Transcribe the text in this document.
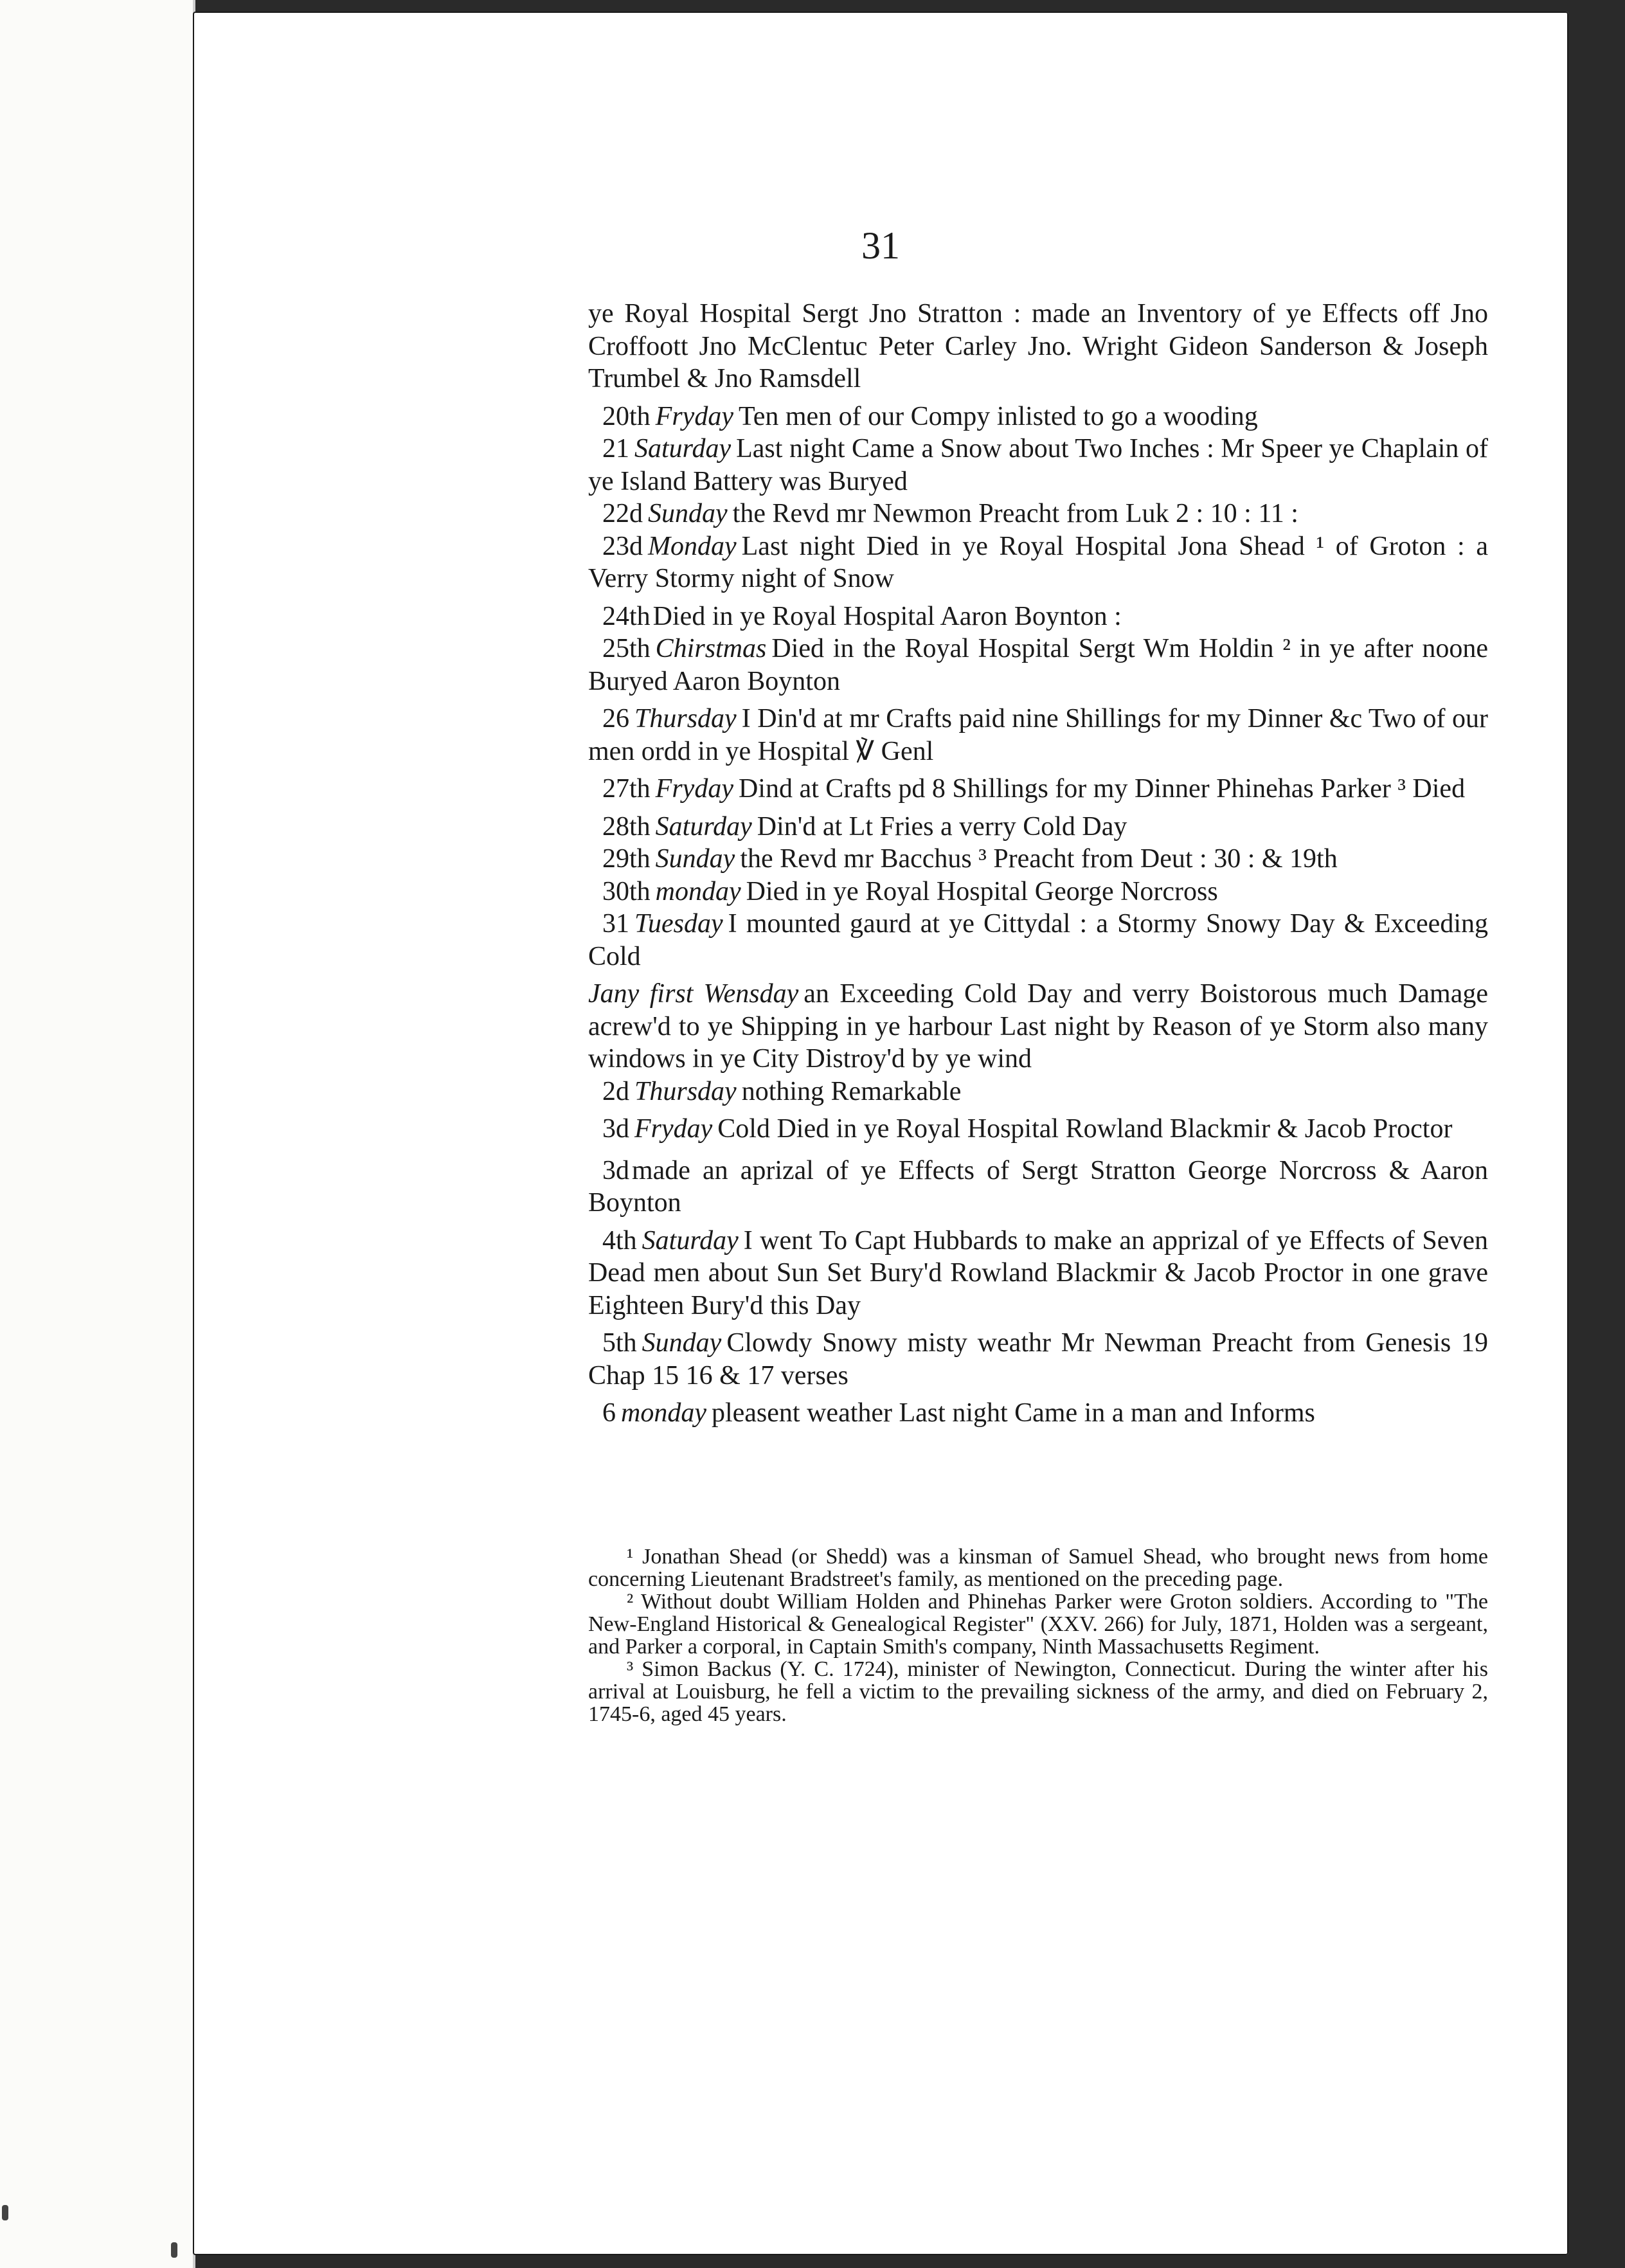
31

ye Royal Hospital Sergt Jno Stratton : made an Inventory of ye Effects off Jno Croffoott Jno McClentuc Peter Carley Jno. Wright Gideon Sanderson & Joseph Trumbel & Jno Ramsdell

20th Fryday Ten men of our Compy inlisted to go a wooding

21 Saturday Last night Came a Snow about Two Inches : Mr Speer ye Chaplain of ye Island Battery was Buryed

22d Sunday the Revd mr Newmon Preacht from Luk 2 : 10 : 11 :

23d Monday Last night Died in ye Royal Hospital Jona Shead ¹ of Groton : a Verry Stormy night of Snow

24thDied in ye Royal Hospital Aaron Boynton :

25th Chirstmas Died in the Royal Hospital Sergt Wm Holdin ² in ye after noone Buryed Aaron Boynton

26 Thursday I Din'd at mr Crafts paid nine Shillings for my Dinner &c Two of our men ordd in ye Hospital ℣ Genl

27th Fryday Dind at Crafts pd 8 Shillings for my Dinner Phinehas Parker ³ Died

28th Saturday Din'd at Lt Fries a verry Cold Day

29th Sunday the Revd mr Bacchus ³ Preacht from Deut : 30 : & 19th

30th monday Died in ye Royal Hospital George Norcross

31 Tuesday I mounted gaurd at ye Cittydal : a Stormy Snowy Day & Exceeding Cold

Jany first Wensday an Exceeding Cold Day and verry Boistorous much Damage acrew'd to ye Shipping in ye harbour Last night by Reason of ye Storm also many windows in ye City Distroy'd by ye wind

2d Thursday nothing Remarkable

3d Fryday Cold Died in ye Royal Hospital Rowland Blackmir & Jacob Proctor

3dmade an aprizal of ye Effects of Sergt Stratton George Norcross & Aaron Boynton

4th Saturday I went To Capt Hubbards to make an apprizal of ye Effects of Seven Dead men about Sun Set Bury'd Rowland Blackmir & Jacob Proctor in one grave Eighteen Bury'd this Day

5th Sunday Clowdy Snowy misty weathr Mr Newman Preacht from Genesis 19 Chap 15 16 & 17 verses

6 monday pleasent weather Last night Came in a man and Informs

¹ Jonathan Shead (or Shedd) was a kinsman of Samuel Shead, who brought news from home concerning Lieutenant Bradstreet's family, as mentioned on the preceding page.

² Without doubt William Holden and Phinehas Parker were Groton soldiers. According to "The New-England Historical & Genealogical Register" (XXV. 266) for July, 1871, Holden was a sergeant, and Parker a corporal, in Captain Smith's company, Ninth Massachusetts Regiment.

³ Simon Backus (Y. C. 1724), minister of Newington, Connecticut. During the winter after his arrival at Louisburg, he fell a victim to the prevailing sickness of the army, and died on February 2, 1745-6, aged 45 years.
